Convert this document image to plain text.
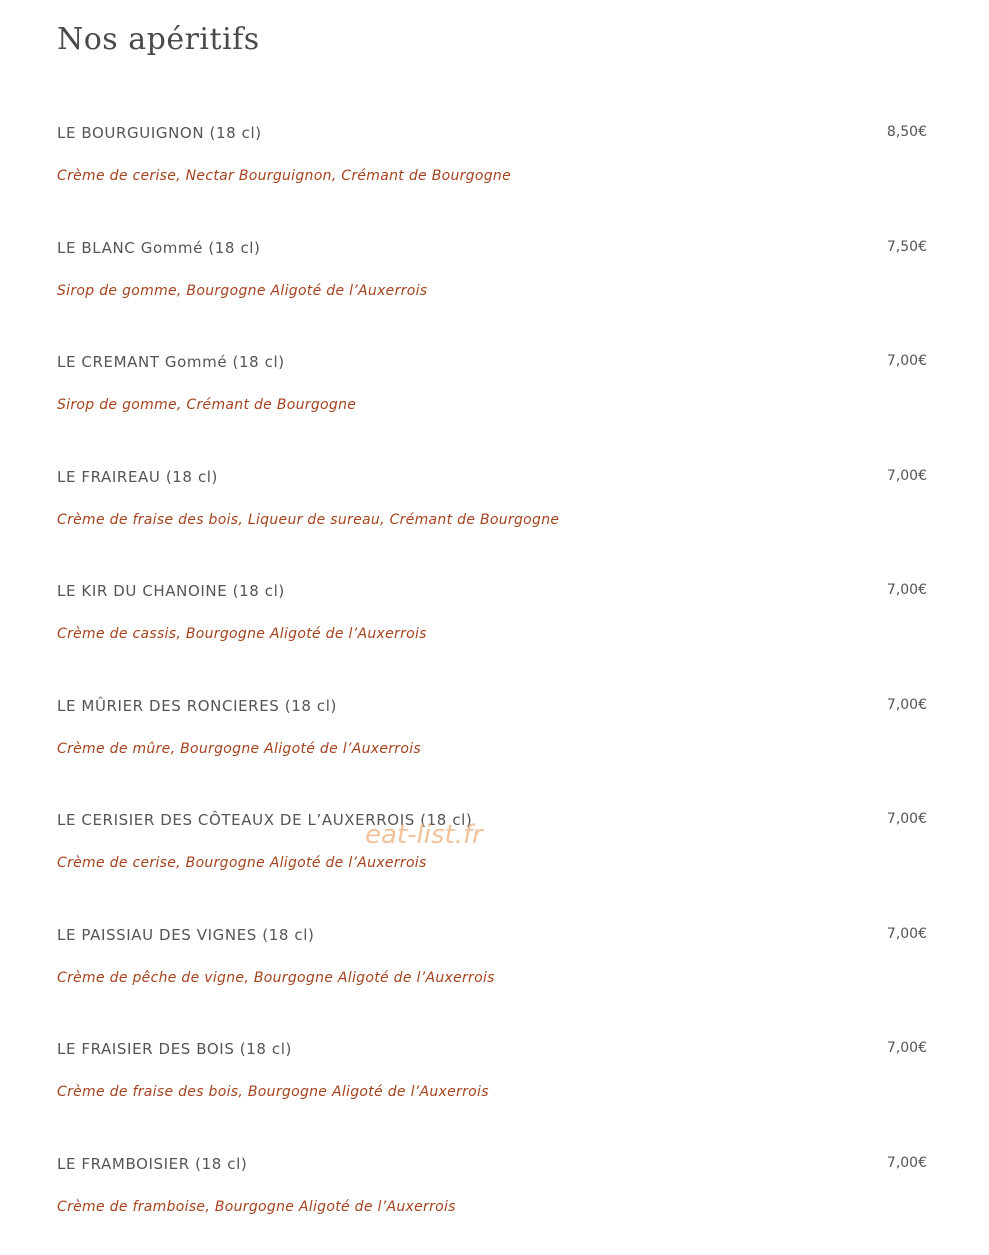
Nos apéritifs
LE BOURGUIGNON (18 cl)	8,50€
Crème de cerise, Nectar Bourguignon, Crémant de Bourgogne
LE BLANC Gommé (18 cl)	7,50€
Sirop de gomme, Bourgogne Aligoté de l’Auxerrois
LE CREMANT Gommé (18 cl)	7,00€
Sirop de gomme, Crémant de Bourgogne
LE FRAIREAU (18 cl)	7,00€
Crème de fraise des bois, Liqueur de sureau, Crémant de Bourgogne
LE KIR DU CHANOINE (18 cl)	7,00€
Crème de cassis, Bourgogne Aligoté de l’Auxerrois
LE MÛRIER DES RONCIERES (18 cl)	7,00€
Crème de mûre, Bourgogne Aligoté de l’Auxerrois
LE CERISIER DES CÔTEAUX DE L’AUXERROIS (18 cl)	7,00€
Crème de cerise, Bourgogne Aligoté de l’Auxerrois
LE PAISSIAU DES VIGNES (18 cl)	7,00€
Crème de pêche de vigne, Bourgogne Aligoté de l’Auxerrois
LE FRAISIER DES BOIS (18 cl)	7,00€
Crème de fraise des bois, Bourgogne Aligoté de l’Auxerrois
LE FRAMBOISIER (18 cl)	7,00€
Crème de framboise, Bourgogne Aligoté de l’Auxerrois
eat-list.fr
